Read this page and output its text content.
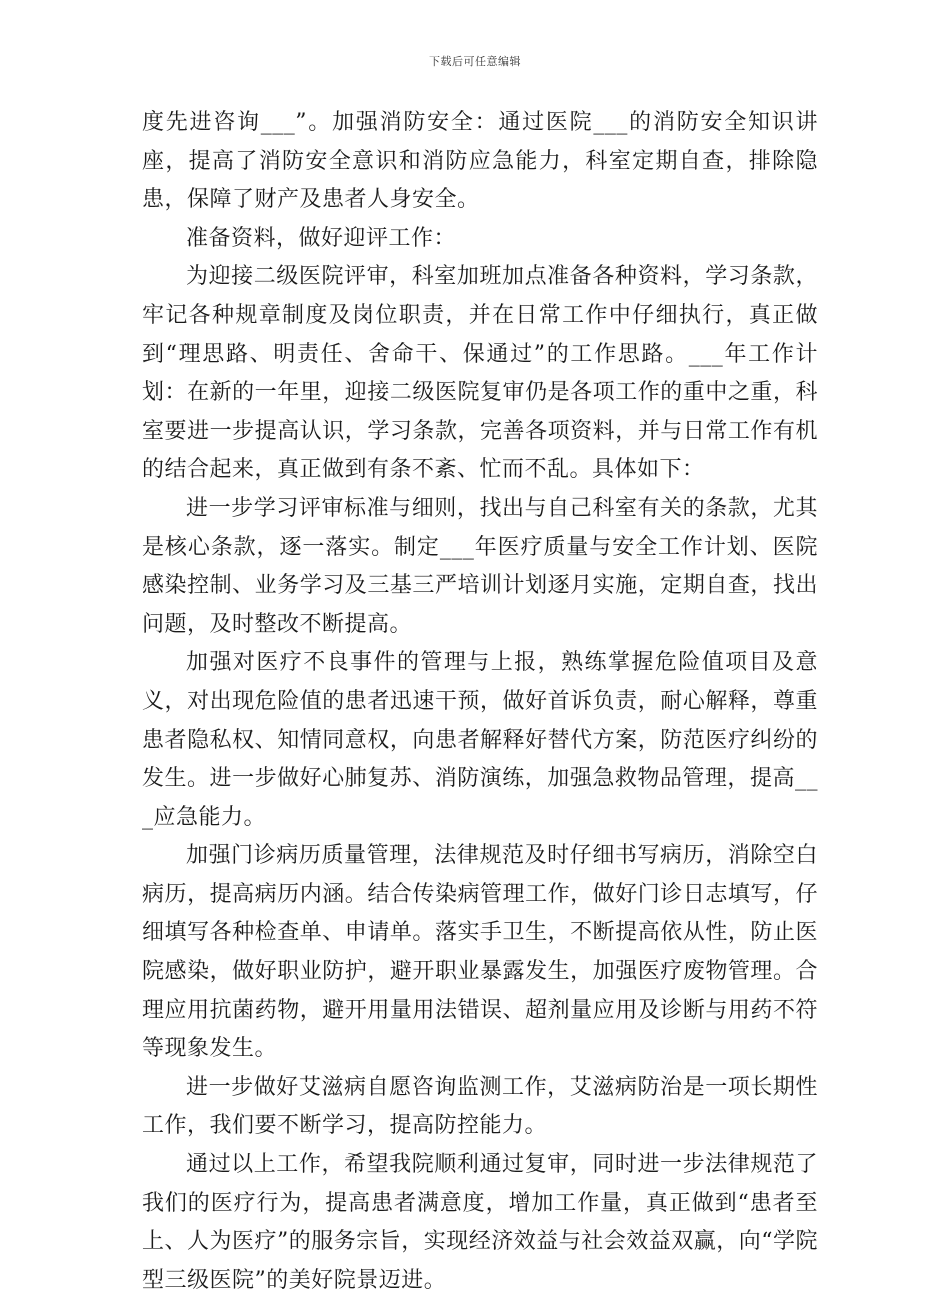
下载后可任意编辑

度先进咨询___”。加强消防安全：通过医院___的消防安全知识讲座，提高了消防安全意识和消防应急能力，科室定期自查，排除隐患，保障了财产及患者人身安全。

准备资料，做好迎评工作：

为迎接二级医院评审，科室加班加点准备各种资料，学习条款，牢记各种规章制度及岗位职责，并在日常工作中仔细执行，真正做到“理思路、明责任、舍命干、保通过”的工作思路。___年工作计划：在新的一年里，迎接二级医院复审仍是各项工作的重中之重，科室要进一步提高认识，学习条款，完善各项资料，并与日常工作有机的结合起来，真正做到有条不紊、忙而不乱。具体如下：

进一步学习评审标准与细则，找出与自己科室有关的条款，尤其是核心条款，逐一落实。制定___年医疗质量与安全工作计划、医院感染控制、业务学习及三基三严培训计划逐月实施，定期自查，找出问题，及时整改不断提高。

加强对医疗不良事件的管理与上报，熟练掌握危险值项目及意义，对出现危险值的患者迅速干预，做好首诉负责，耐心解释，尊重患者隐私权、知情同意权，向患者解释好替代方案，防范医疗纠纷的发生。进一步做好心肺复苏、消防演练，加强急救物品管理，提高___应急能力。

加强门诊病历质量管理，法律规范及时仔细书写病历，消除空白病历，提高病历内涵。结合传染病管理工作，做好门诊日志填写，仔细填写各种检查单、申请单。落实手卫生，不断提高依从性，防止医院感染，做好职业防护，避开职业暴露发生，加强医疗废物管理。合理应用抗菌药物，避开用量用法错误、超剂量应用及诊断与用药不符等现象发生。

进一步做好艾滋病自愿咨询监测工作，艾滋病防治是一项长期性工作，我们要不断学习，提高防控能力。

通过以上工作，希望我院顺利通过复审，同时进一步法律规范了我们的医疗行为，提高患者满意度，增加工作量，真正做到“患者至上、人为医疗”的服务宗旨，实现经济效益与社会效益双赢，向“学院型三级医院”的美好院景迈进。
